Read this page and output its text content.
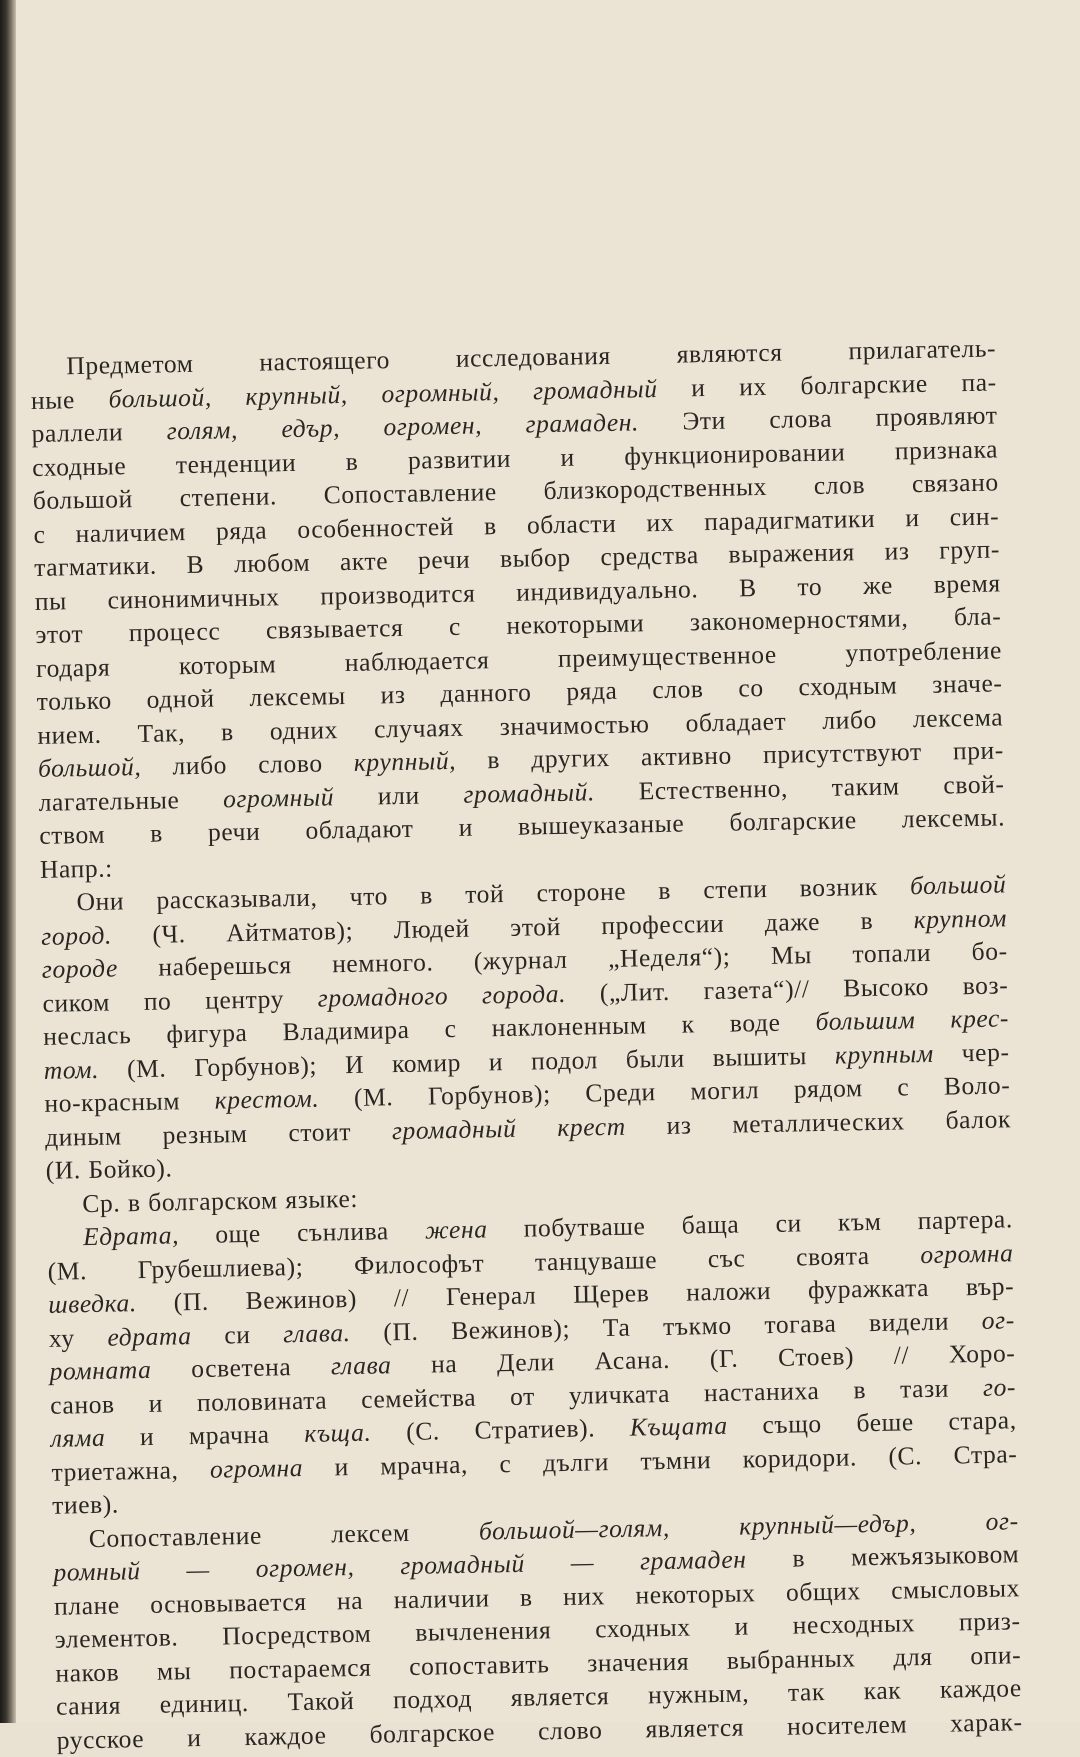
Предметом	настоящего	исследования	являются	прилагатель-
ные большой, крупный, огромный, громадный и их болгарские па-
раллели голям, едър, огромен, грамаден. Эти слова проявляют
сходные тенденции в развитии и функционировании признака
большой степени. Сопоставление близкородственных слов связано
с наличием ряда особенностей в области их парадигматики и син-
тагматики. В любом акте речи выбор средства выражения из груп-
пы синонимичных производится индивидуально. В то же время
этот процесс связывается с некоторыми закономерностями, бла-
годаря	которым	наблюдается	преимущественное	употребление
только одной лексемы из данного ряда слов со сходным значе-
нием. Так, в одних случаях значимостью обладает либо лексема
большой, либо слово крупный, в других активно присутствуют при-
лагательные огромный или громадный. Естественно, таким свой-
ством в речи обладают и вышеуказаные болгарские лексемы.
Напр.:
Они рассказывали, что в той стороне в степи возник большой
город. (Ч. Айтматов); Людей этой профессии даже в крупном
городе наберешься немного. (журнал „Неделя“); Мы топали бо-
сиком по центру громадного города. („Лит. газета“)// Высоко воз-
неслась фигура Владимира с наклоненным к воде большим крес-
том. (М. Горбунов); И комир и подол были вышиты крупным чер-
но-красным крестом. (М. Горбунов); Среди могил рядом с Воло-
диным резным стоит громадный крест из металлических балок
(И. Бойко).
Ср. в болгарском языке:
Едрата, още сънлива жена побутваше баща си към партера.
(М. Грубешлиева); Философът танцуваше със своята огромна
шведка. (П. Вежинов) // Генерал Щерев наложи фуражката вър-
ху едрата си глава. (П. Вежинов); Та тъкмо тогава видели ог-
ромната осветена глава на Дели Асана. (Г. Стоев) // Хоро-
санов и половината семейства от уличката настаниха в тази го-
ляма и мрачна къща. (С. Стратиев). Къщата също беше стара,
триетажна, огромна и мрачна, с дълги тъмни коридори. (С. Стра-
тиев).
Сопоставление	лексем	большой—голям,	крупный—едър,	ог-
ромный — огромен, громадный — грамаден в межъязыковом
плане основывается на наличии в них некоторых общих смысловых
элементов. Посредством вычленения сходных и несходных приз-
наков мы постараемся сопоставить значения выбранных для опи-
сания единиц. Такой подход является нужным, так как каждое
русское и каждое болгарское слово является носителем харак-
